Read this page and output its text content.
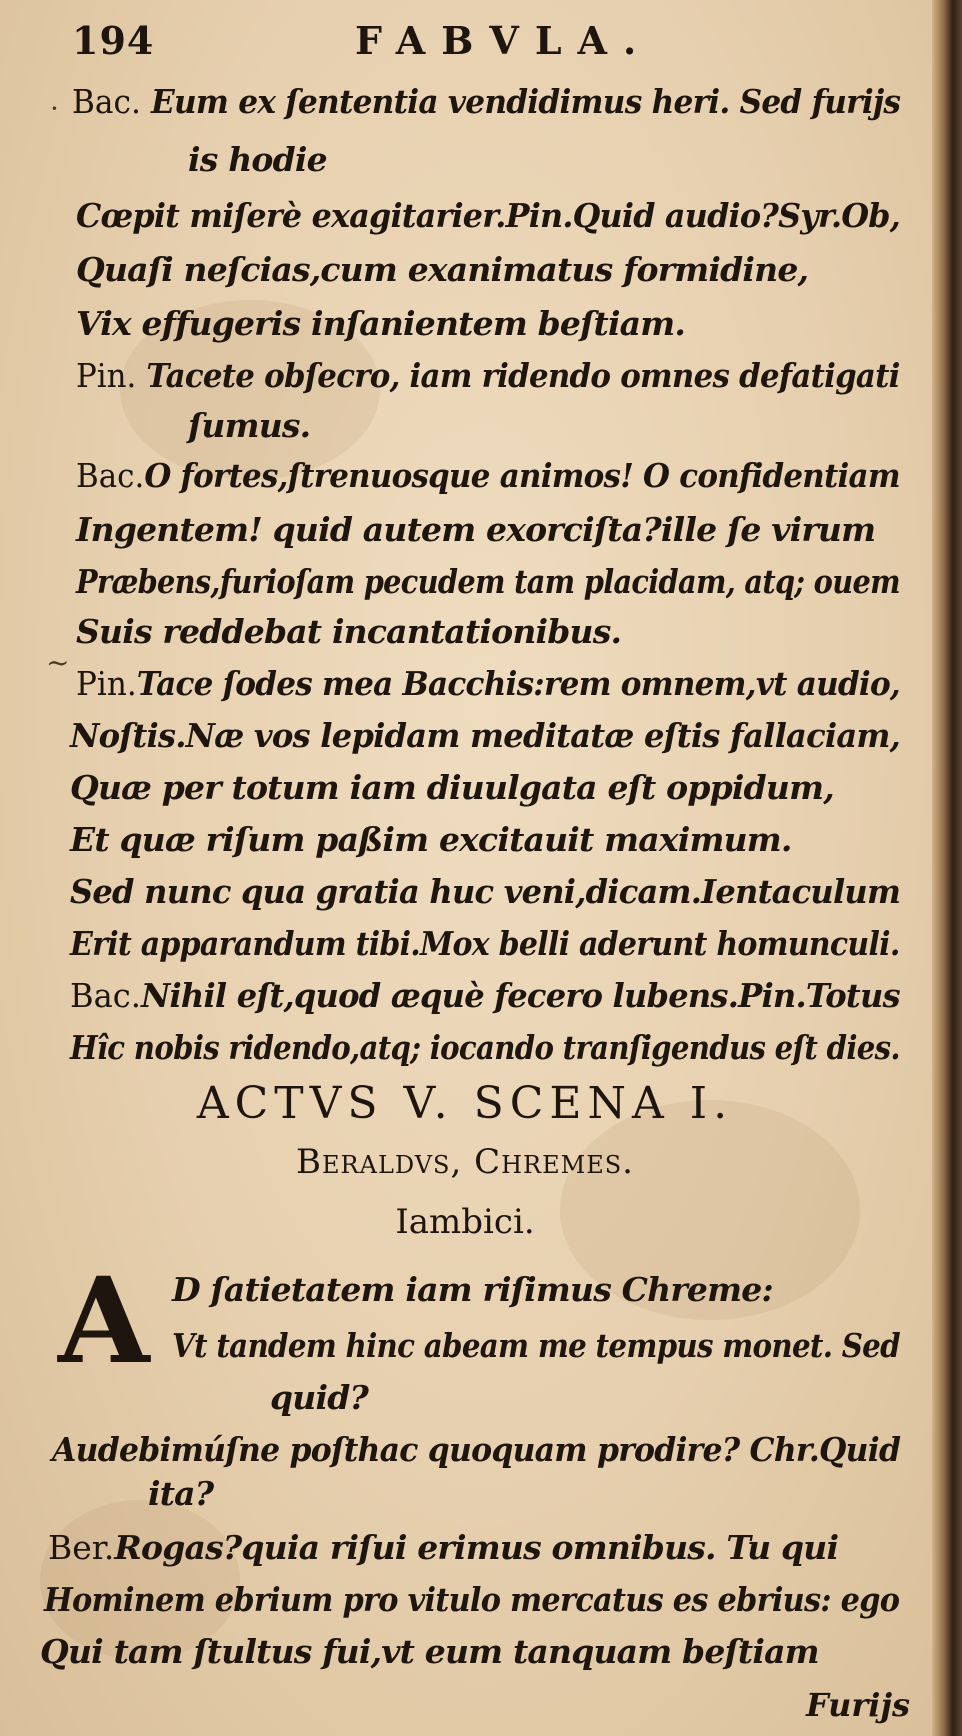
194	FABVLA.
·
~
Bac. Eum ex ſententia vendidimus heri. Sed furijs
is hodie
Cœpit miſerè exagitarier.Pin.Quid audio?Syr.Ob,
Quaſi neſcias,cum exanimatus formidine,
Vix effugeris inſanientem beſtiam.
Pin. Tacete obſecro, iam ridendo omnes defatigati
ſumus.
Bac.O fortes,ſtrenuosque animos! O confidentiam
Ingentem! quid autem exorciſta?ille ſe virum
Præbens,furioſam pecudem tam placidam, atq; ouem
Suis reddebat incantationibus.
Pin.Tace ſodes mea Bacchis:rem omnem,vt audio,
Noſtis.Næ vos lepidam meditatæ eſtis fallaciam,
Quæ per totum iam diuulgata eſt oppidum,
Et quæ riſum paßim excitauit maximum.
Sed nunc qua gratia huc veni,dicam.Ientaculum
Erit apparandum tibi.Mox belli aderunt homunculi.
Bac.Nihil eſt,quod æquè fecero lubens.Pin.Totus
Hîc nobis ridendo,atq; iocando tranſigendus eſt dies.
ACTVS V. SCENA I.
Beraldvs, Chremes.
Iambici.
A D ſatietatem iam riſimus Chreme:
Vt tandem hinc abeam me tempus monet. Sed
quid?
Audebimúſne poſthac quoquam prodire? Chr.Quid
ita?
Ber.Rogas?quia riſui erimus omnibus. Tu qui
Hominem ebrium pro vitulo mercatus es ebrius: ego
Qui tam ſtultus fui,vt eum tanquam beſtiam
Furijs
